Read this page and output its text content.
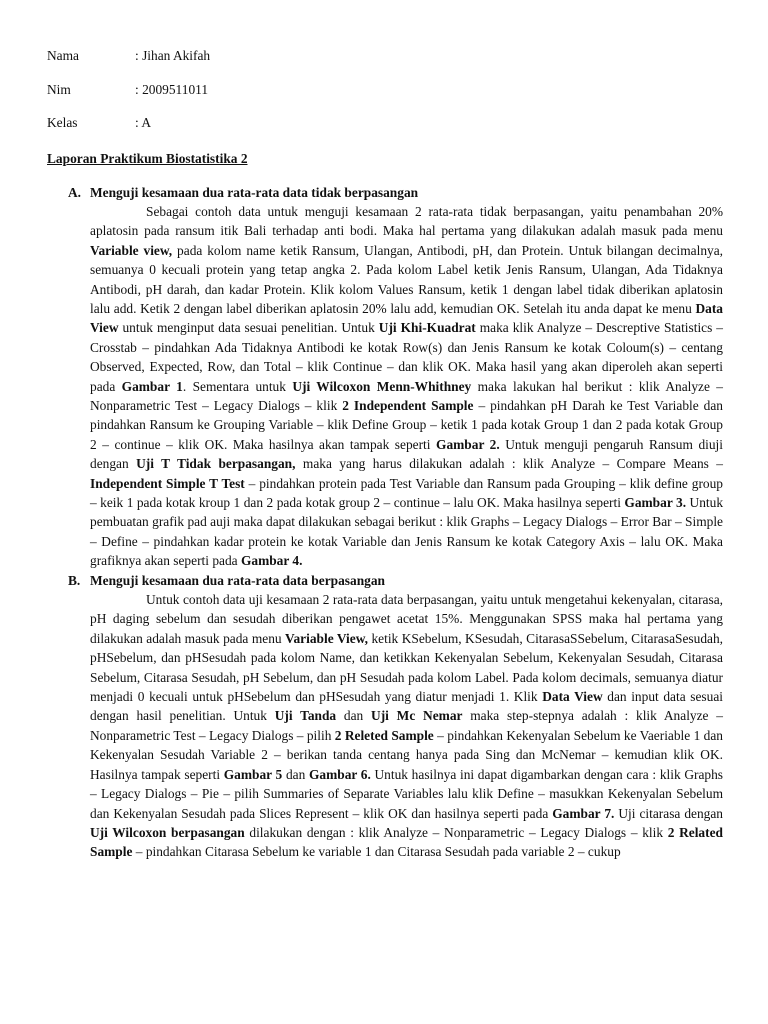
Nama	: Jihan Akifah
Nim	: 2009511011
Kelas	: A
Laporan Praktikum Biostatistika 2
A. Menguji kesamaan dua rata-rata data tidak berpasangan

Sebagai contoh data untuk menguji kesamaan 2 rata-rata tidak berpasangan, yaitu penambahan 20% aplatosin pada ransum itik Bali terhadap anti bodi. Maka hal pertama yang dilakukan adalah masuk pada menu Variable view, pada kolom name ketik Ransum, Ulangan, Antibodi, pH, dan Protein. Untuk bilangan decimalnya, semuanya 0 kecuali protein yang tetap angka 2. Pada kolom Label ketik Jenis Ransum, Ulangan, Ada Tidaknya Antibodi, pH darah, dan kadar Protein. Klik kolom Values Ransum, ketik 1 dengan label tidak diberikan aplatosin lalu add. Ketik 2 dengan label diberikan aplatosin 20% lalu add, kemudian OK. Setelah itu anda dapat ke menu Data View untuk menginput data sesuai penelitian. Untuk Uji Khi-Kuadrat maka klik Analyze – Descreptive Statistics – Crosstab – pindahkan Ada Tidaknya Antibodi ke kotak Row(s) dan Jenis Ransum ke kotak Coloum(s) – centang Observed, Expected, Row, dan Total – klik Continue – dan klik OK. Maka hasil yang akan diperoleh akan seperti pada Gambar 1. Sementara untuk Uji Wilcoxon Menn-Whithney maka lakukan hal berikut : klik Analyze – Nonparametric Test – Legacy Dialogs – klik 2 Independent Sample – pindahkan pH Darah ke Test Variable dan pindahkan Ransum ke Grouping Variable – klik Define Group – ketik 1 pada kotak Group 1 dan 2 pada kotak Group 2 – continue – klik OK. Maka hasilnya akan tampak seperti Gambar 2. Untuk menguji pengaruh Ransum diuji dengan Uji T Tidak berpasangan, maka yang harus dilakukan adalah : klik Analyze – Compare Means – Independent Simple T Test – pindahkan protein pada Test Variable dan Ransum pada Grouping – klik define group – keik 1 pada kotak kroup 1 dan 2 pada kotak group 2 – continue – lalu OK. Maka hasilnya seperti Gambar 3. Untuk pembuatan grafik pad auji maka dapat dilakukan sebagai berikut : klik Graphs – Legacy Dialogs – Error Bar – Simple – Define – pindahkan kadar protein ke kotak Variable dan Jenis Ransum ke kotak Category Axis – lalu OK. Maka grafiknya akan seperti pada Gambar 4.

B. Menguji kesamaan dua rata-rata data berpasangan

Untuk contoh data uji kesamaan 2 rata-rata data berpasangan, yaitu untuk mengetahui kekenyalan, citarasa, pH daging sebelum dan sesudah diberikan pengawet acetat 15%. Menggunakan SPSS maka hal pertama yang dilakukan adalah masuk pada menu Variable View, ketik KSebelum, KSesudah, CitarasaSSebelum, CitarasaSesudah, pHSebelum, dan pHSesudah pada kolom Name, dan ketikkan Kekenyalan Sebelum, Kekenyalan Sesudah, Citarasa Sebelum, Citarasa Sesudah, pH Sebelum, dan pH Sesudah pada kolom Label. Pada kolom decimals, semuanya diatur menjadi 0 kecuali untuk pHSebelum dan pHSesudah yang diatur menjadi 1. Klik Data View dan input data sesuai dengan hasil penelitian. Untuk Uji Tanda dan Uji Mc Nemar maka step-stepnya adalah : klik Analyze – Nonparametric Test – Legacy Dialogs – pilih 2 Releted Sample – pindahkan Kekenyalan Sebelum ke Vaeriable 1 dan Kekenyalan Sesudah Variable 2 – berikan tanda centang hanya pada Sing dan McNemar – kemudian klik OK. Hasilnya tampak seperti Gambar 5 dan Gambar 6. Untuk hasilnya ini dapat digambarkan dengan cara : klik Graphs – Legacy Dialogs – Pie – pilih Summaries of Separate Variables lalu klik Define – masukkan Kekenyalan Sebelum dan Kekenyalan Sesudah pada Slices Represent – klik OK dan hasilnya seperti pada Gambar 7. Uji citarasa dengan Uji Wilcoxon berpasangan dilakukan dengan : klik Analyze – Nonparametric – Legacy Dialogs – klik 2 Related Sample – pindahkan Citarasa Sebelum ke variable 1 dan Citarasa Sesudah pada variable 2 – cukup
